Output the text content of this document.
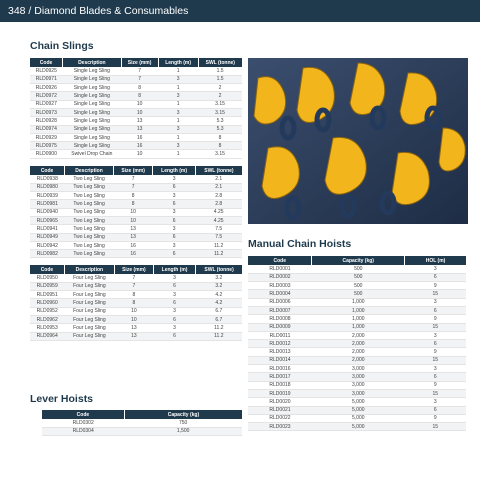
348 / Diamond Blades & Consumables
Chain Slings
Code	Description	Size (mm)	Length (m)	SWL (tonne)
RLD0925	Single Leg Sling	7	1	1.5
RLD0971	Single Leg Sling	7	3	1.5
RLD0926	Single Leg Sling	8	1	2
RLD0972	Single Leg Sling	8	3	2
RLD0927	Single Leg Sling	10	1	3.15
RLD0973	Single Leg Sling	10	3	3.15
RLD0928	Single Leg Sling	13	1	5.3
RLD0974	Single Leg Sling	13	3	5.3
RLD0929	Single Leg Sling	16	1	8
RLD0975	Single Leg Sling	16	3	8
RLD0900	Swivel Drop Chain	10	1	3.15
Code	Description	Size (mm)	Length (m)	SWL (tonne)
RLD0938	Two Leg Sling	7	3	2.1
RLD0980	Two Leg Sling	7	6	2.1
RLD0939	Two Leg Sling	8	3	2.8
RLD0981	Two Leg Sling	8	6	2.8
RLD0940	Two Leg Sling	10	3	4.25
RLD0965	Two Leg Sling	10	6	4.25
RLD0941	Two Leg Sling	13	3	7.5
RLD0949	Two Leg Sling	13	6	7.5
RLD0942	Two Leg Sling	16	3	11.2
RLD0982	Two Leg Sling	16	6	11.2
Code	Description	Size (mm)	Length (m)	SWL (tonne)
RLD0950	Four Leg Sling	7	3	3.2
RLD0959	Four Leg Sling	7	6	3.2
RLD0951	Four Leg Sling	8	3	4.2
RLD0960	Four Leg Sling	8	6	4.2
RLD0952	Four Leg Sling	10	3	6.7
RLD0962	Four Leg Sling	10	6	6.7
RLD0953	Four Leg Sling	13	3	11.2
RLD0964	Four Leg Sling	13	6	11.2
Lever Hoists
Code	Capacity (kg)
RLD0302	750
RLD0304	1,500
Manual Chain Hoists
Code	Capacity (kg)	HOL (m)
RLD0001	500	3
RLD0002	500	6
RLD0003	500	9
RLD0004	500	15
RLD0006	1,000	3
RLD0007	1,000	6
RLD0008	1,000	9
RLD0009	1,000	15
RLD0011	2,000	3
RLD0012	2,000	6
RLD0013	2,000	9
RLD0014	2,000	15
RLD0016	3,000	3
RLD0017	3,000	6
RLD0018	3,000	9
RLD0019	3,000	15
RLD0020	5,000	3
RLD0021	5,000	6
RLD0022	5,000	9
RLD0023	5,000	15
